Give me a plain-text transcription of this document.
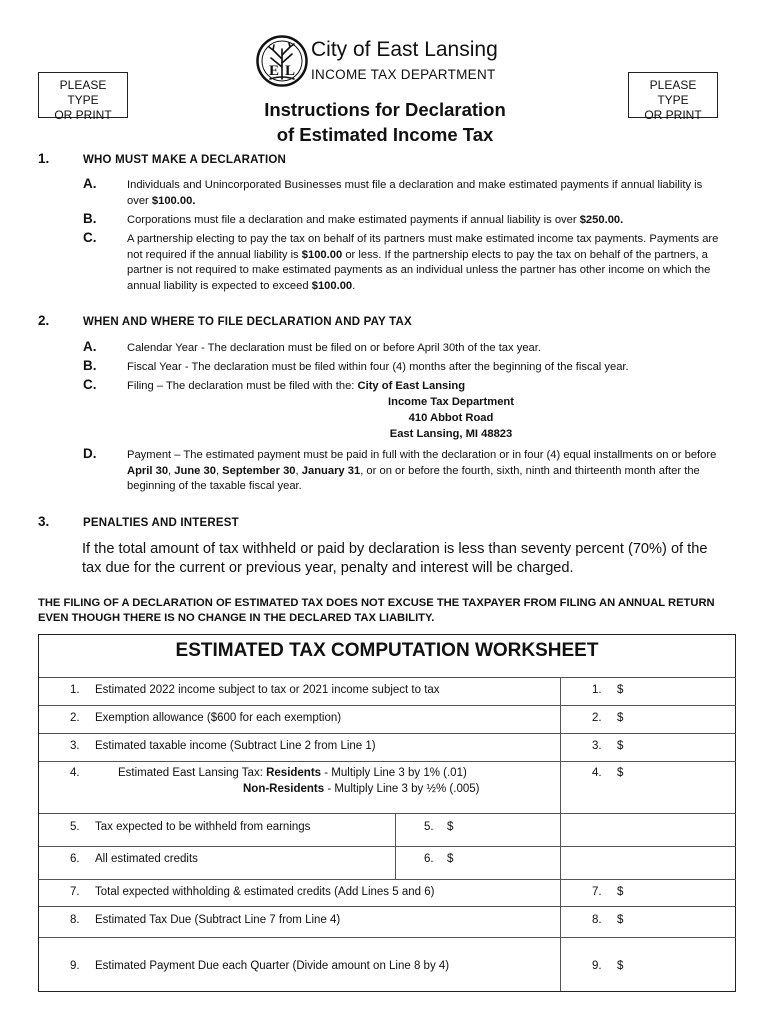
E L
City of East Lansing
INCOME TAX DEPARTMENT
PLEASE TYPE
OR PRINT
PLEASE TYPE
OR PRINT
Instructions for Declaration
of Estimated Income Tax
1.	WHO MUST MAKE A DECLARATION
A.	Individuals and Unincorporated Businesses must file a declaration and make estimated payments if annual liability is over $100.00.
B.	Corporations must file a declaration and make estimated payments if annual liability is over $250.00.
C.	A partnership electing to pay the tax on behalf of its partners must make estimated income tax payments. Payments are not required if the annual liability is $100.00 or less. If the partnership elects to pay the tax on behalf of the partners, a partner is not required to make estimated payments as an individual unless the partner has other income on which the annual liability is expected to exceed $100.00.
2.	WHEN AND WHERE TO FILE DECLARATION AND PAY TAX
A.	Calendar Year - The declaration must be filed on or before April 30th of the tax year.
B.	Fiscal Year - The declaration must be filed within four (4) months after the beginning of the fiscal year.
C.	Filing – The declaration must be filed with the: City of East Lansing
Income Tax Department
410 Abbot Road
East Lansing, MI 48823
D.	Payment – The estimated payment must be paid in full with the declaration or in four (4) equal installments on or before April 30, June 30, September 30, January 31, or on or before the fourth, sixth, ninth and thirteenth month after the beginning of the taxable fiscal year.
3.	PENALTIES AND INTEREST
If the total amount of tax withheld or paid by declaration is less than seventy percent (70%) of the tax due for the current or previous year, penalty and interest will be charged.
THE FILING OF A DECLARATION OF ESTIMATED TAX DOES NOT EXCUSE THE TAXPAYER FROM FILING AN ANNUAL RETURN EVEN THOUGH THERE IS NO CHANGE IN THE DECLARED TAX LIABILITY.
ESTIMATED TAX COMPUTATION WORKSHEET
1. Estimated 2022 income subject to tax or 2021 income subject to tax	1. $
2. Exemption allowance ($600 for each exemption)	2. $
3. Estimated taxable income (Subtract Line 2 from Line 1)	3. $
4.	Estimated East Lansing Tax: Residents - Multiply Line 3 by 1% (.01)
Non-Residents - Multiply Line 3 by ½% (.005)
4. $
5. Tax expected to be withheld from earnings	5. $
6. All estimated credits	6. $
7. Total expected withholding & estimated credits (Add Lines 5 and 6)	7. $
8. Estimated Tax Due (Subtract Line 7 from Line 4)	8. $
9. Estimated Payment Due each Quarter (Divide amount on Line 8 by 4)	9. $
